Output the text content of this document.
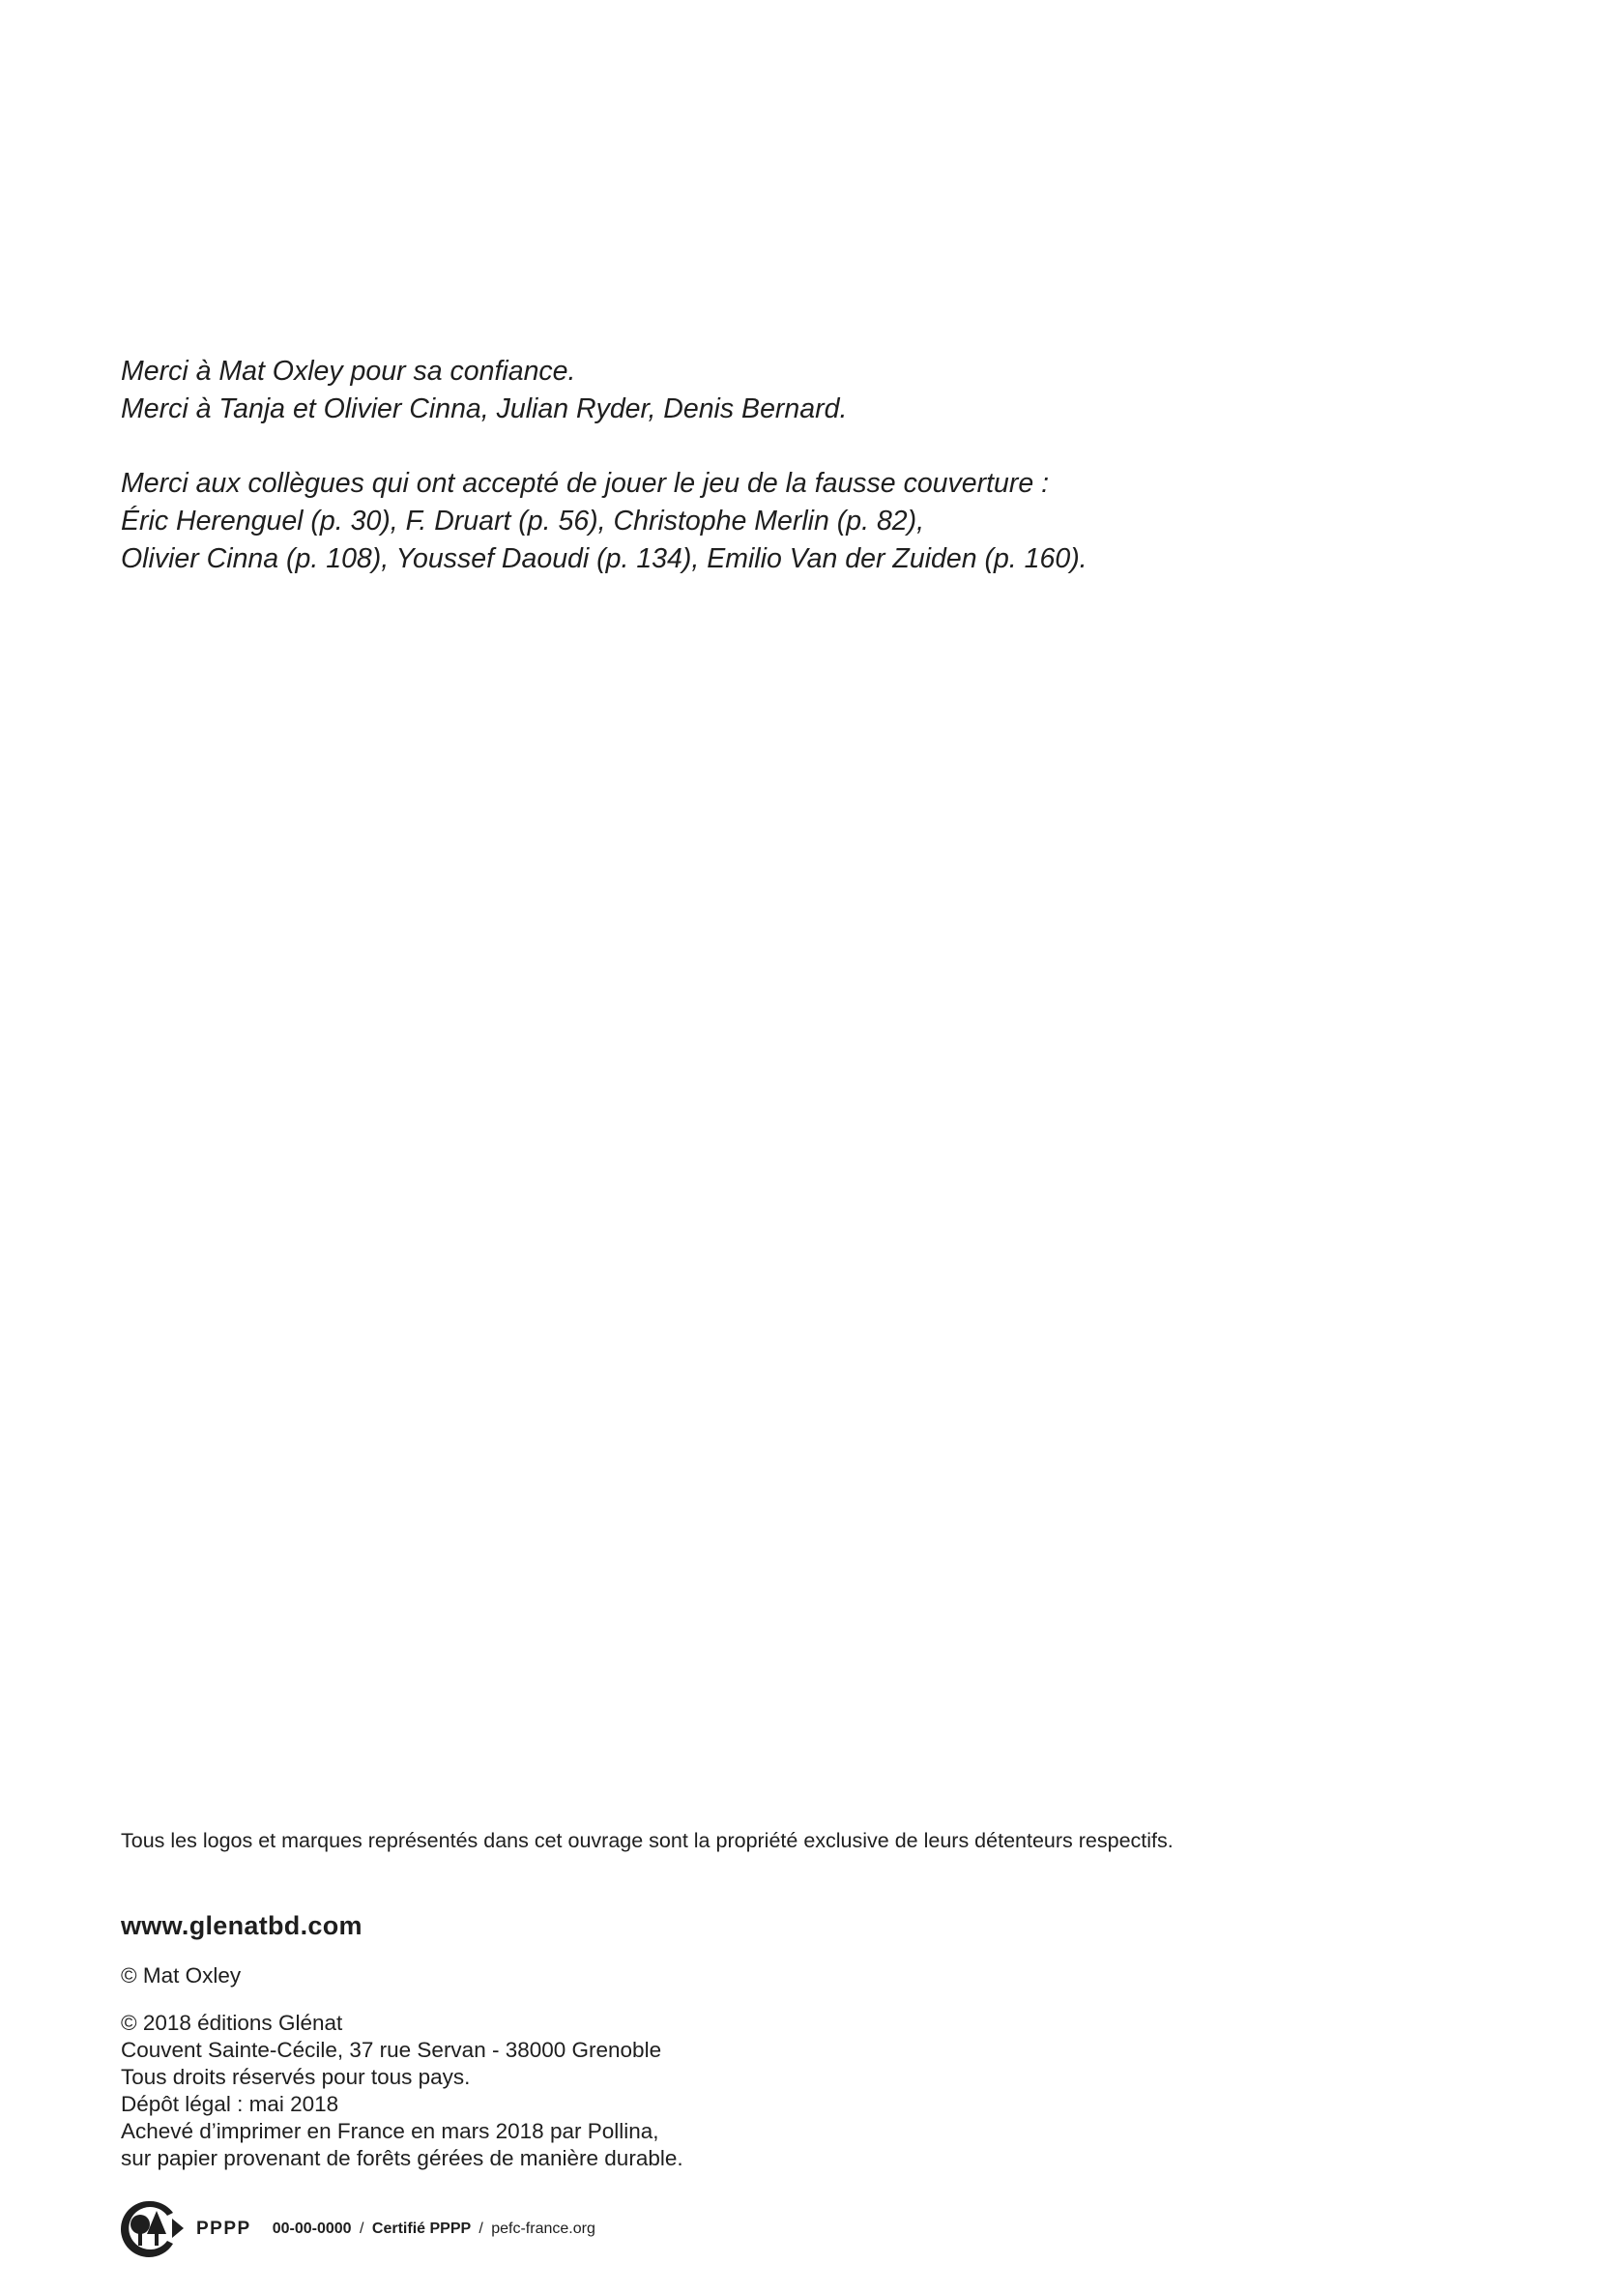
Merci à Mat Oxley pour sa confiance.
Merci à Tanja et Olivier Cinna, Julian Ryder, Denis Bernard.
Merci aux collègues qui ont accepté de jouer le jeu de la fausse couverture :
Éric Herenguel (p. 30), F. Druart (p. 56), Christophe Merlin (p. 82),
Olivier Cinna (p. 108), Youssef Daoudi (p. 134), Emilio Van der Zuiden (p. 160).

Tous les logos et marques représentés dans cet ouvrage sont la propriété exclusive de leurs détenteurs respectifs.

www.glenatbd.com
© Mat Oxley
© 2018 éditions Glénat
Couvent Sainte-Cécile, 37 rue Servan - 38000 Grenoble
Tous droits réservés pour tous pays.
Dépôt légal : mai 2018
Achevé d’imprimer en France en mars 2018 par Pollina,
sur papier provenant de forêts gérées de manière durable.
PPPP 00-00-0000 / Certifié PPPP / pefc-france.org
